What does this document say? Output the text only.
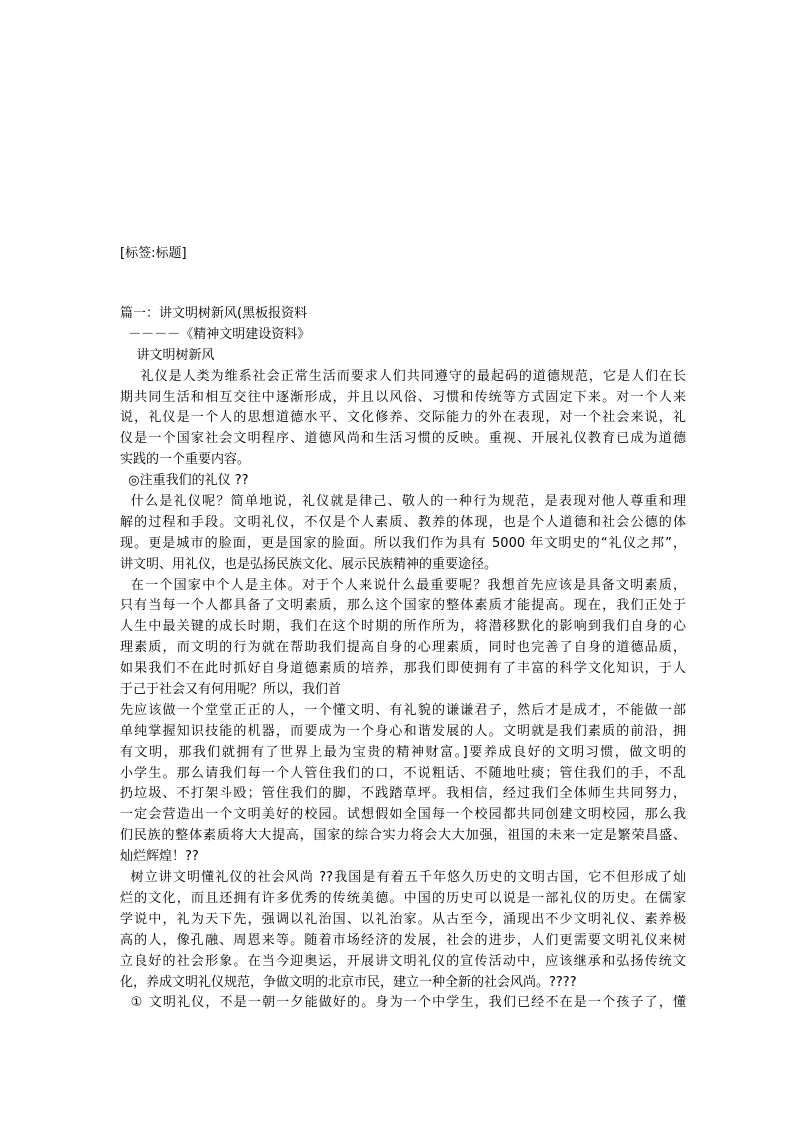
[标签:标题]
篇一：讲文明树新风(黑板报资料
－－－－《精神文明建设资料》
讲文明树新风
礼仪是人类为维系社会正常生活而要求人们共同遵守的最起码的道德规范，它是人们在长
期共同生活和相互交往中逐渐形成，并且以风俗、习惯和传统等方式固定下来。对一个人来
说，礼仪是一个人的思想道德水平、文化修养、交际能力的外在表现，对一个社会来说，礼
仪是一个国家社会文明程序、道德风尚和生活习惯的反映。重视、开展礼仪教育已成为道德
实践的一个重要内容。
◎注重我们的礼仪 ??
什么是礼仪呢？简单地说，礼仪就是律己、敬人的一种行为规范，是表现对他人尊重和理
解的过程和手段。文明礼仪，不仅是个人素质、教养的体现，也是个人道德和社会公德的体
现。更是城市的脸面，更是国家的脸面。所以我们作为具有 5000 年文明史的“礼仪之邦”，
讲文明、用礼仪，也是弘扬民族文化、展示民族精神的重要途径。
在一个国家中个人是主体。对于个人来说什么最重要呢？我想首先应该是具备文明素质，
只有当每一个人都具备了文明素质，那么这个国家的整体素质才能提高。现在，我们正处于
人生中最关键的成长时期，我们在这个时期的所作所为，将潜移默化的影响到我们自身的心
理素质，而文明的行为就在帮助我们提高自身的心理素质，同时也完善了自身的道德品质，
如果我们不在此时抓好自身道德素质的培养，那我们即使拥有了丰富的科学文化知识，于人
于己于社会又有何用呢？所以，我们首
先应该做一个堂堂正正的人，一个懂文明、有礼貌的谦谦君子，然后才是成才，不能做一部
单纯掌握知识技能的机器，而要成为一个身心和谐发展的人。文明就是我们素质的前沿，拥
有文明，那我们就拥有了世界上最为宝贵的精神财富。]要养成良好的文明习惯，做文明的
小学生。那么请我们每一个人管住我们的口，不说粗话、不随地吐痰；管住我们的手，不乱
扔垃圾、不打架斗殴；管住我们的脚，不践踏草坪。我相信，经过我们全体师生共同努力，
一定会营造出一个文明美好的校园。试想假如全国每一个校园都共同创建文明校园，那么我
们民族的整体素质将大大提高，国家的综合实力将会大大加强，祖国的未来一定是繁荣昌盛、
灿烂辉煌！??
树立讲文明懂礼仪的社会风尚 ??我国是有着五千年悠久历史的文明古国，它不但形成了灿
烂的文化，而且还拥有许多优秀的传统美德。中国的历史可以说是一部礼仪的历史。在儒家
学说中，礼为天下先，强调以礼治国、以礼治家。从古至今，涌现出不少文明礼仪、素养极
高的人，像孔融、周恩来等。随着市场经济的发展，社会的进步，人们更需要文明礼仪来树
立良好的社会形象。在当今迎奥运，开展讲文明礼仪的宣传活动中，应该继承和弘扬传统文
化，养成文明礼仪规范，争做文明的北京市民，建立一种全新的社会风尚。????
① 文明礼仪，不是一朝一夕能做好的。身为一个中学生，我们已经不在是一个孩子了，懂
